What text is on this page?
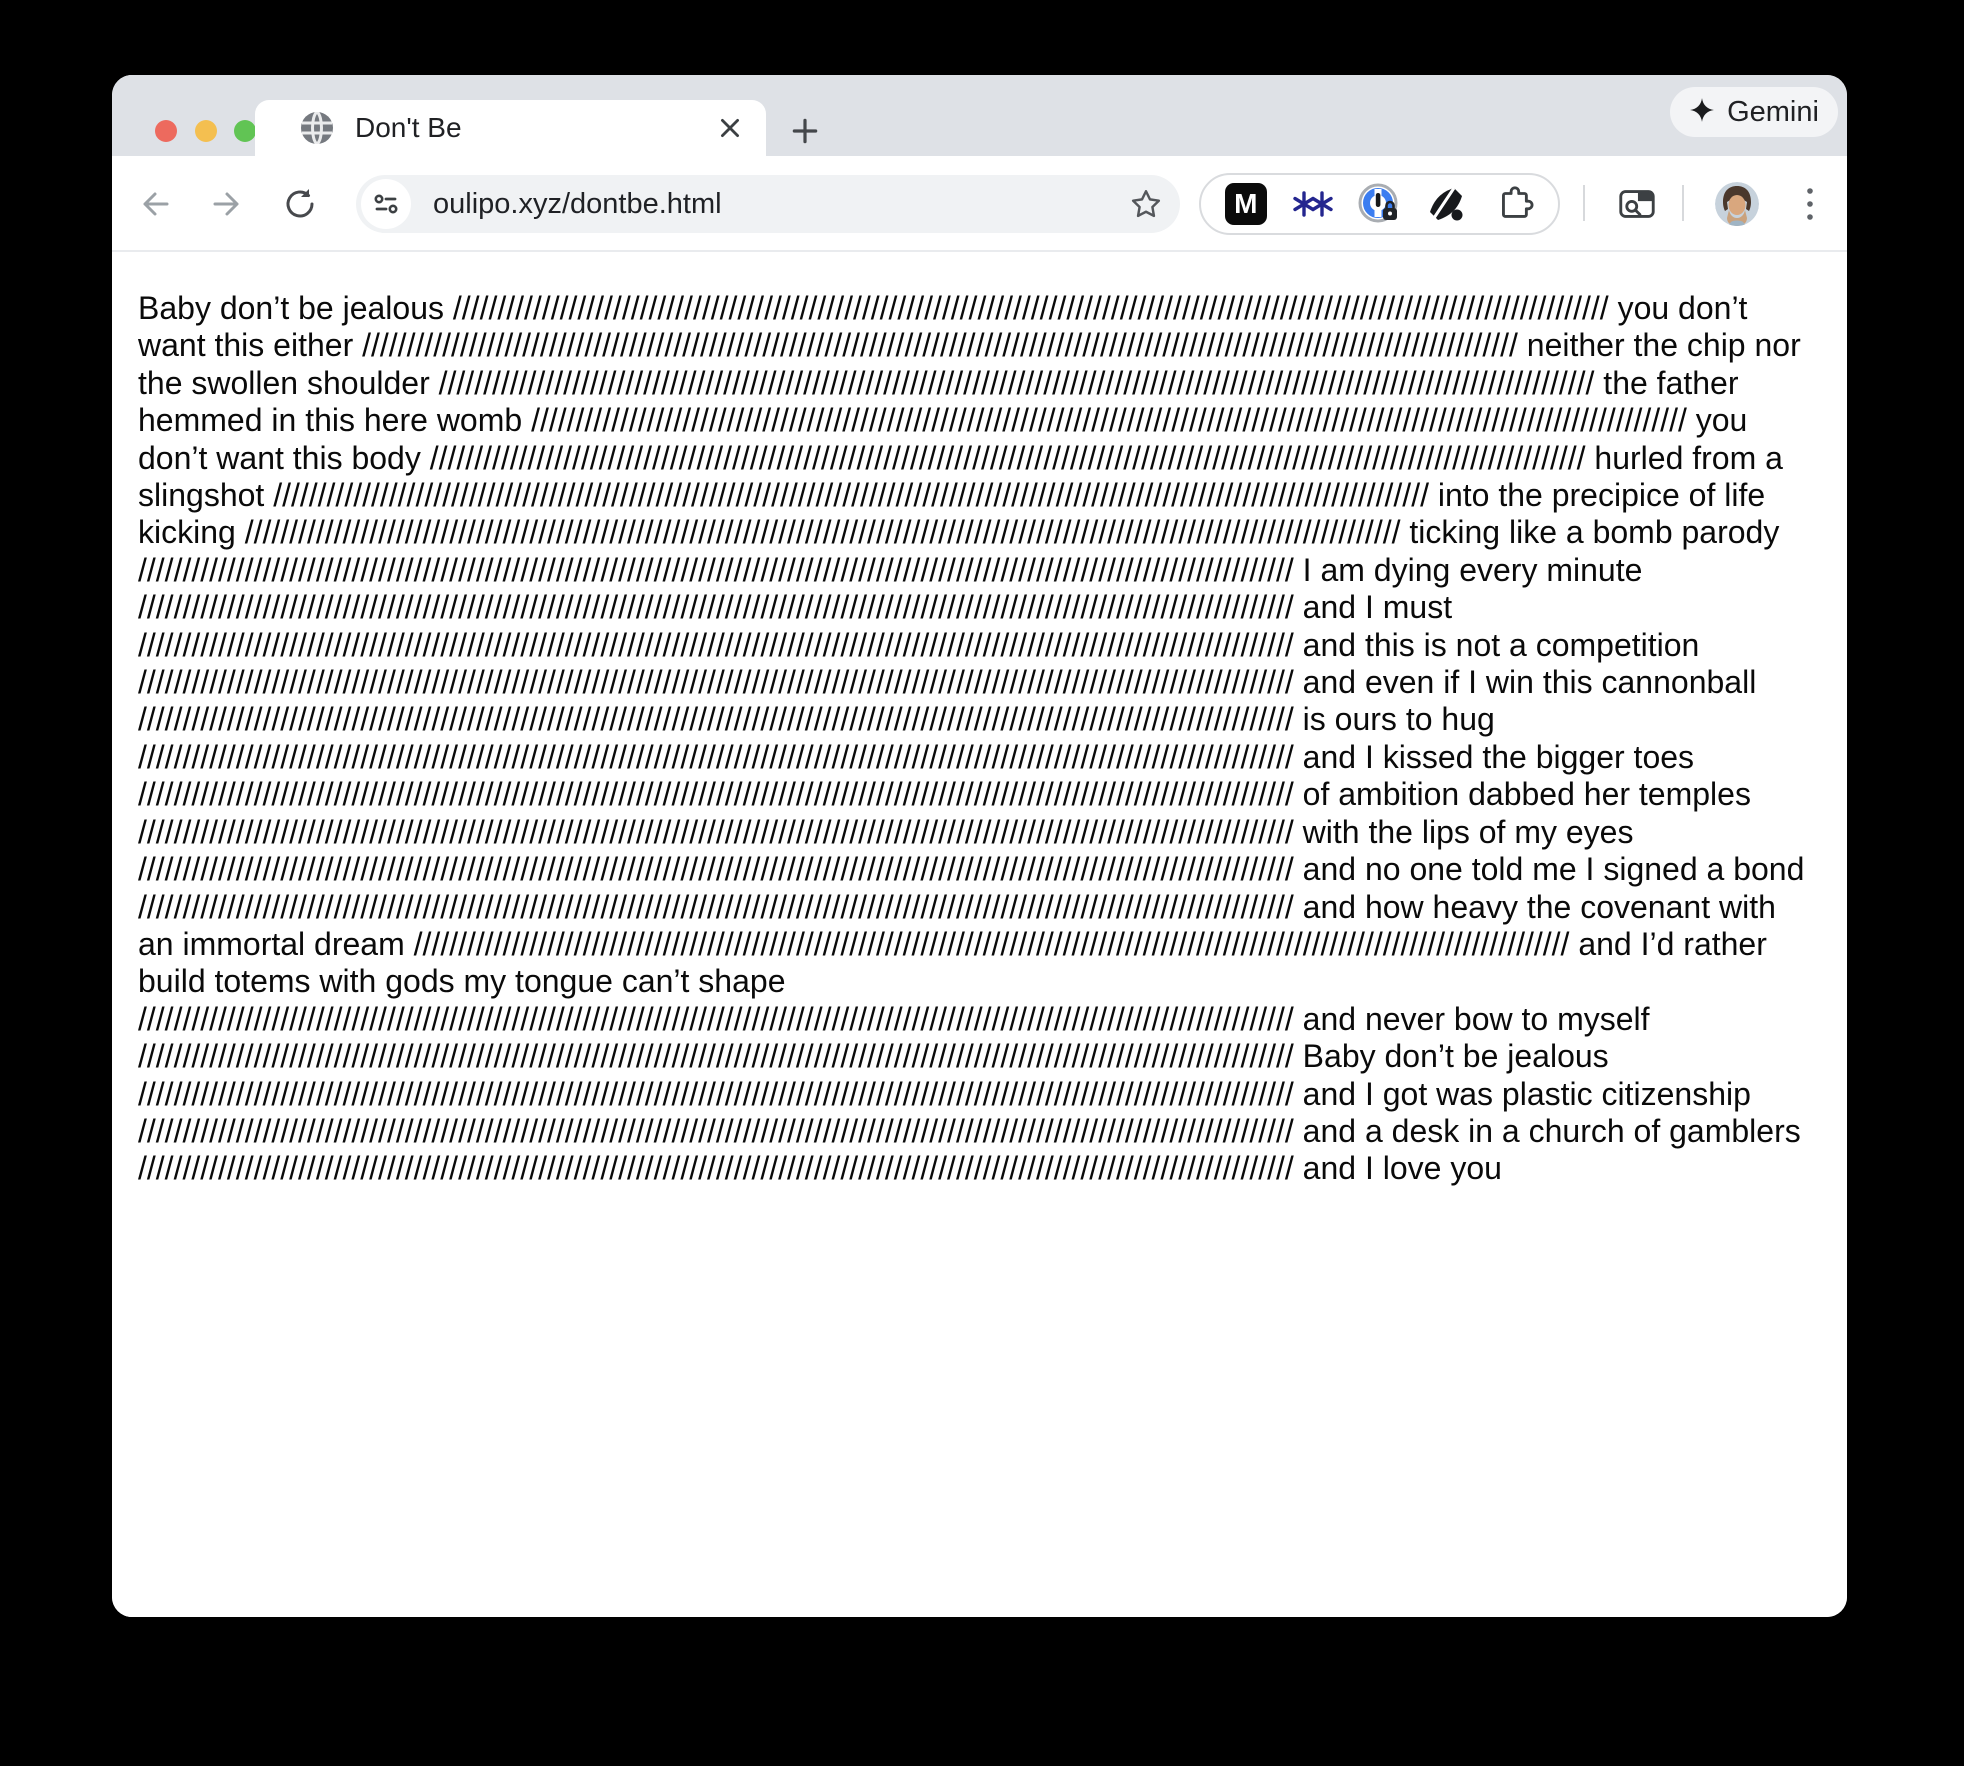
Don't Be	Gemini
oulipo.xyz/dontbe.html	M
Baby don’t be jealous ////////////////////////////////////////////////////////////////////////////////////////////////////////////////////////////////// you don’t want this either ////////////////////////////////////////////////////////////////////////////////////////////////////////////////////////////////// neither the chip nor the swollen shoulder ////////////////////////////////////////////////////////////////////////////////////////////////////////////////////////////////// the father hemmed in this here womb ////////////////////////////////////////////////////////////////////////////////////////////////////////////////////////////////// you don’t want this body ////////////////////////////////////////////////////////////////////////////////////////////////////////////////////////////////// hurled from a slingshot ////////////////////////////////////////////////////////////////////////////////////////////////////////////////////////////////// into the precipice of life kicking ////////////////////////////////////////////////////////////////////////////////////////////////////////////////////////////////// ticking like a bomb parody ////////////////////////////////////////////////////////////////////////////////////////////////////////////////////////////////// I am dying every minute ////////////////////////////////////////////////////////////////////////////////////////////////////////////////////////////////// and I must ////////////////////////////////////////////////////////////////////////////////////////////////////////////////////////////////// and this is not a competition ////////////////////////////////////////////////////////////////////////////////////////////////////////////////////////////////// and even if I win this cannonball ////////////////////////////////////////////////////////////////////////////////////////////////////////////////////////////////// is ours to hug ////////////////////////////////////////////////////////////////////////////////////////////////////////////////////////////////// and I kissed the bigger toes ////////////////////////////////////////////////////////////////////////////////////////////////////////////////////////////////// of ambition dabbed her temples ////////////////////////////////////////////////////////////////////////////////////////////////////////////////////////////////// with the lips of my eyes ////////////////////////////////////////////////////////////////////////////////////////////////////////////////////////////////// and no one told me I signed a bond ////////////////////////////////////////////////////////////////////////////////////////////////////////////////////////////////// and how heavy the covenant with an immortal dream ////////////////////////////////////////////////////////////////////////////////////////////////////////////////////////////////// and I’d rather build totems with gods my tongue can’t shape ////////////////////////////////////////////////////////////////////////////////////////////////////////////////////////////////// and never bow to myself ////////////////////////////////////////////////////////////////////////////////////////////////////////////////////////////////// Baby don’t be jealous ////////////////////////////////////////////////////////////////////////////////////////////////////////////////////////////////// and I got was plastic citizenship ////////////////////////////////////////////////////////////////////////////////////////////////////////////////////////////////// and a desk in a church of gamblers ////////////////////////////////////////////////////////////////////////////////////////////////////////////////////////////////// and I love you
